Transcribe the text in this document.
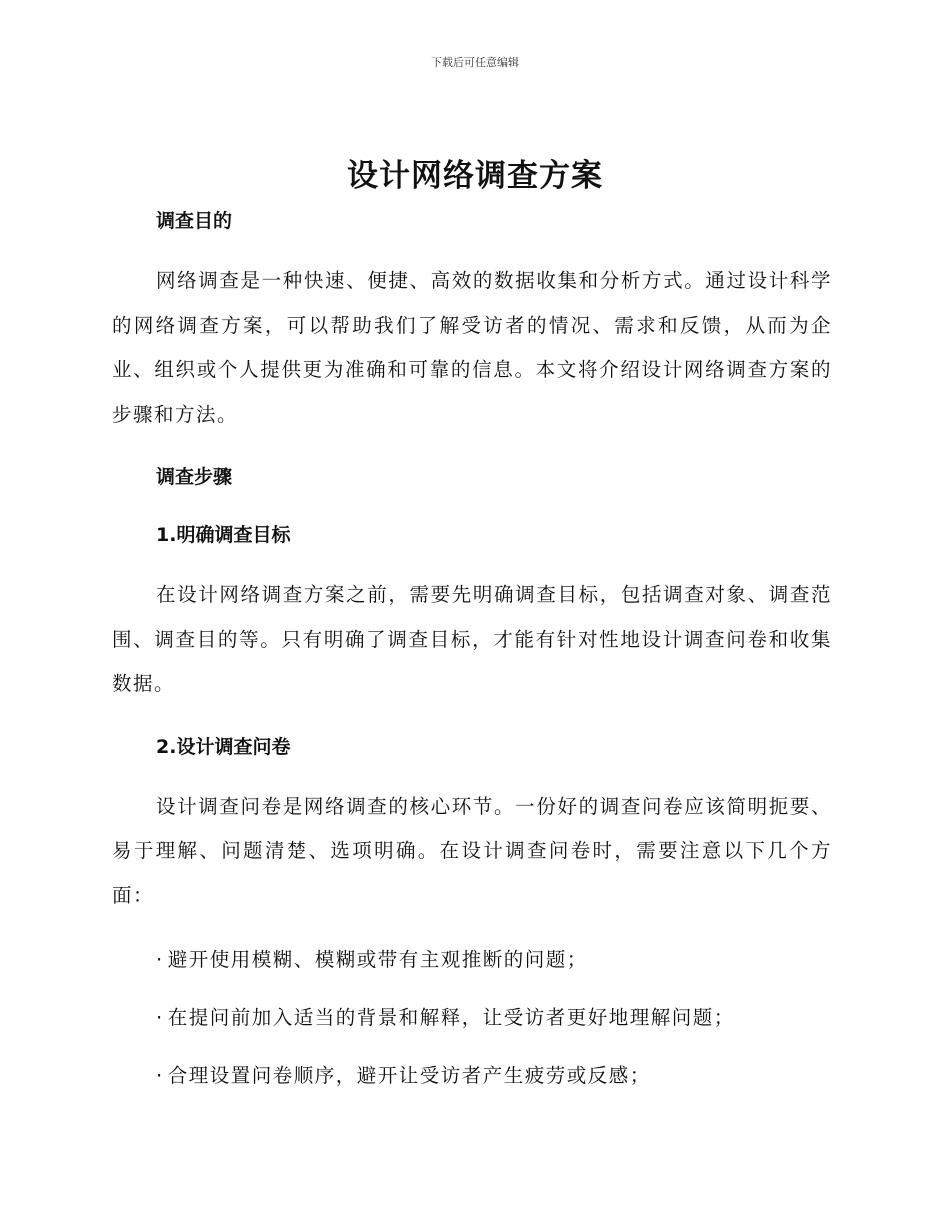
下载后可任意编辑
设计网络调查方案

调查目的

网络调查是一种快速、便捷、高效的数据收集和分析方式。通过设计科学的网络调查方案，可以帮助我们了解受访者的情况、需求和反馈，从而为企业、组织或个人提供更为准确和可靠的信息。本文将介绍设计网络调查方案的步骤和方法。

调查步骤

1.明确调查目标

在设计网络调查方案之前，需要先明确调查目标，包括调查对象、调查范围、调查目的等。只有明确了调查目标，才能有针对性地设计调查问卷和收集数据。

2.设计调查问卷

设计调查问卷是网络调查的核心环节。一份好的调查问卷应该简明扼要、易于理解、问题清楚、选项明确。在设计调查问卷时，需要注意以下几个方面：

· 避开使用模糊、模糊或带有主观推断的问题；

· 在提问前加入适当的背景和解释，让受访者更好地理解问题；

· 合理设置问卷顺序，避开让受访者产生疲劳或反感；
